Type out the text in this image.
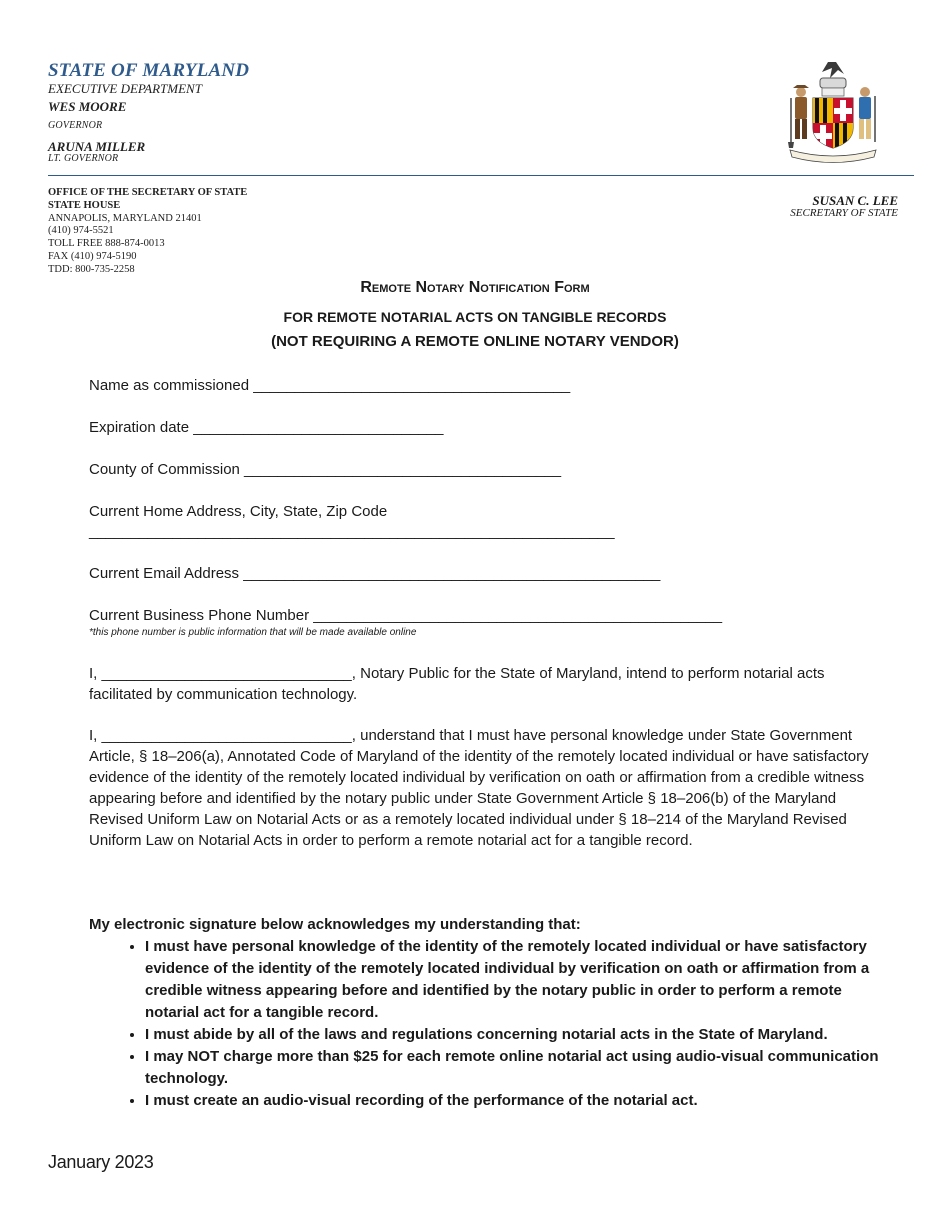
STATE OF MARYLAND
EXECUTIVE DEPARTMENT
WES MOORE
GOVERNOR
ARUNA MILLER
LT. GOVERNOR
OFFICE OF THE SECRETARY OF STATE
STATE HOUSE
ANNAPOLIS, MARYLAND 21401
(410) 974-5521
TOLL FREE 888-874-0013
FAX (410) 974-5190
TDD: 800-735-2258
SUSAN C. LEE
SECRETARY OF STATE
Remote Notary Notification Form
FOR REMOTE NOTARIAL ACTS ON TANGIBLE RECORDS
(NOT REQUIRING A REMOTE ONLINE NOTARY VENDOR)
Name as commissioned ______________________________________
Expiration date ______________________________
County of Commission ______________________________________
Current Home Address, City, State, Zip Code
_______________________________________________________________
Current Email Address __________________________________________________
Current Business Phone Number _________________________________________________
*this phone number is public information that will be made available online
I, ______________________________, Notary Public for the State of Maryland, intend to perform notarial acts facilitated by communication technology.
I, ______________________________, understand that I must have personal knowledge under State Government Article, § 18–206(a), Annotated Code of Maryland of the identity of the remotely located individual or have satisfactory evidence of the identity of the remotely located individual by verification on oath or affirmation from a credible witness appearing before and identified by the notary public under State Government Article § 18–206(b) of the Maryland Revised Uniform Law on Notarial Acts or as a remotely located individual under § 18–214 of the Maryland Revised Uniform Law on Notarial Acts in order to perform a remote notarial act for a tangible record.
My electronic signature below acknowledges my understanding that:
• I must have personal knowledge of the identity of the remotely located individual or have satisfactory evidence of the identity of the remotely located individual by verification on oath or affirmation from a credible witness appearing before and identified by the notary public in order to perform a remote notarial act for a tangible record.
• I must abide by all of the laws and regulations concerning notarial acts in the State of Maryland.
• I may NOT charge more than $25 for each remote online notarial act using audio-visual communication technology.
• I must create an audio-visual recording of the performance of the notarial act.
January 2023
